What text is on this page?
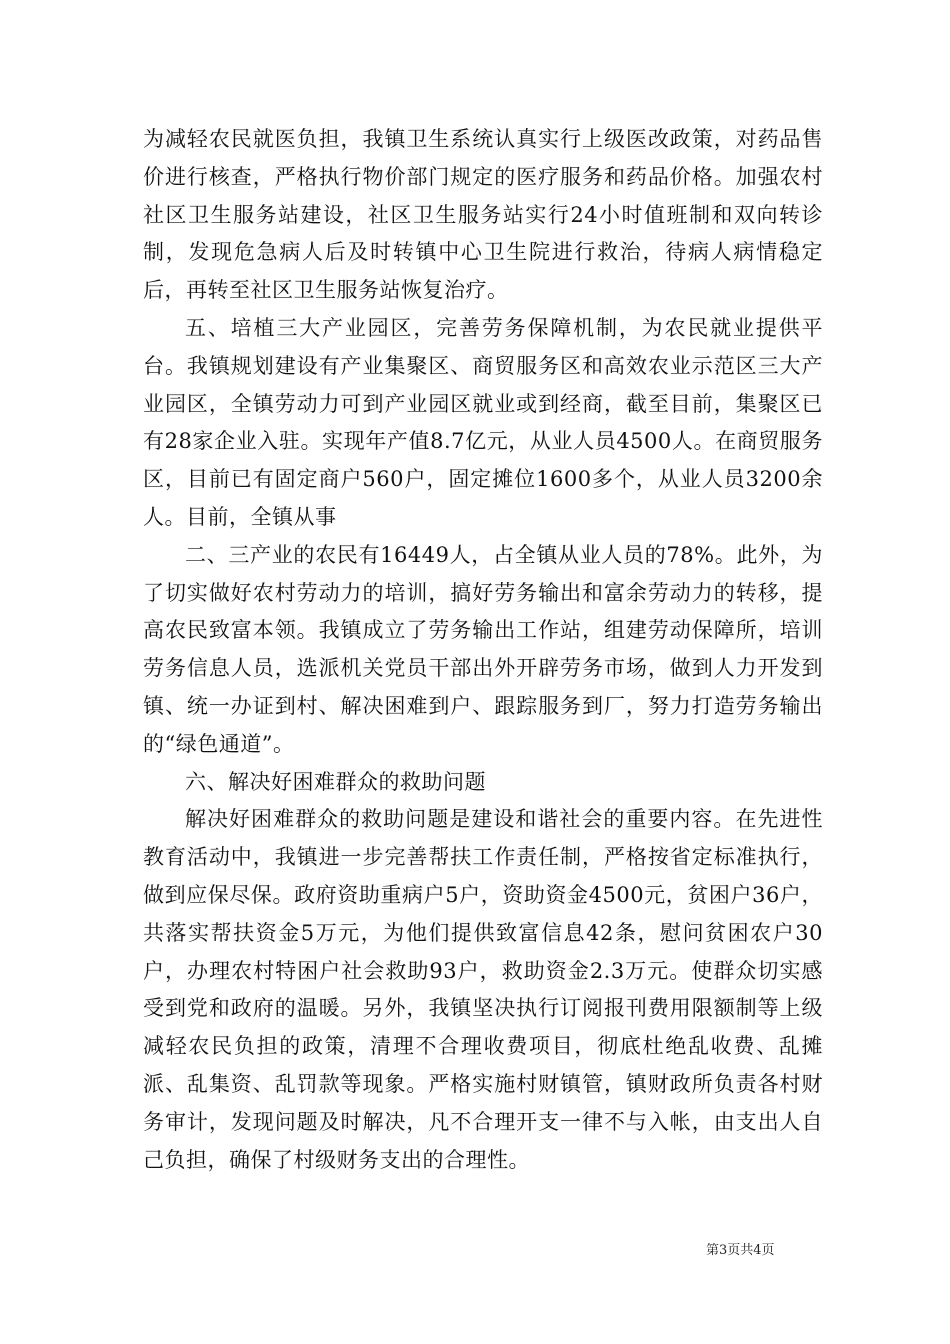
为减轻农民就医负担，我镇卫生系统认真实行上级医改政策，对药品售价进行核查，严格执行物价部门规定的医疗服务和药品价格。加强农村社区卫生服务站建设，社区卫生服务站实行24小时值班制和双向转诊制，发现危急病人后及时转镇中心卫生院进行救治，待病人病情稳定后，再转至社区卫生服务站恢复治疗。

五、培植三大产业园区，完善劳务保障机制，为农民就业提供平台。我镇规划建设有产业集聚区、商贸服务区和高效农业示范区三大产业园区，全镇劳动力可到产业园区就业或到经商，截至目前，集聚区已有28家企业入驻。实现年产值8.7亿元，从业人员4500人。在商贸服务区，目前已有固定商户560户，固定摊位1600多个，从业人员3200余人。目前，全镇从事

二、三产业的农民有16449人，占全镇从业人员的78%。此外，为了切实做好农村劳动力的培训，搞好劳务输出和富余劳动力的转移，提高农民致富本领。我镇成立了劳务输出工作站，组建劳动保障所，培训劳务信息人员，选派机关党员干部出外开辟劳务市场，做到人力开发到镇、统一办证到村、解决困难到户、跟踪服务到厂，努力打造劳务输出的“绿色通道”。

六、解决好困难群众的救助问题

解决好困难群众的救助问题是建设和谐社会的重要内容。在先进性教育活动中，我镇进一步完善帮扶工作责任制，严格按省定标准执行，做到应保尽保。政府资助重病户5户，资助资金4500元，贫困户36户，共落实帮扶资金5万元，为他们提供致富信息42条，慰问贫困农户30户，办理农村特困户社会救助93户，救助资金2.3万元。使群众切实感受到党和政府的温暖。另外，我镇坚决执行订阅报刊费用限额制等上级减轻农民负担的政策，清理不合理收费项目，彻底杜绝乱收费、乱摊派、乱集资、乱罚款等现象。严格实施村财镇管，镇财政所负责各村财务审计，发现问题及时解决，凡不合理开支一律不与入帐，由支出人自己负担，确保了村级财务支出的合理性。

第3页共4页
